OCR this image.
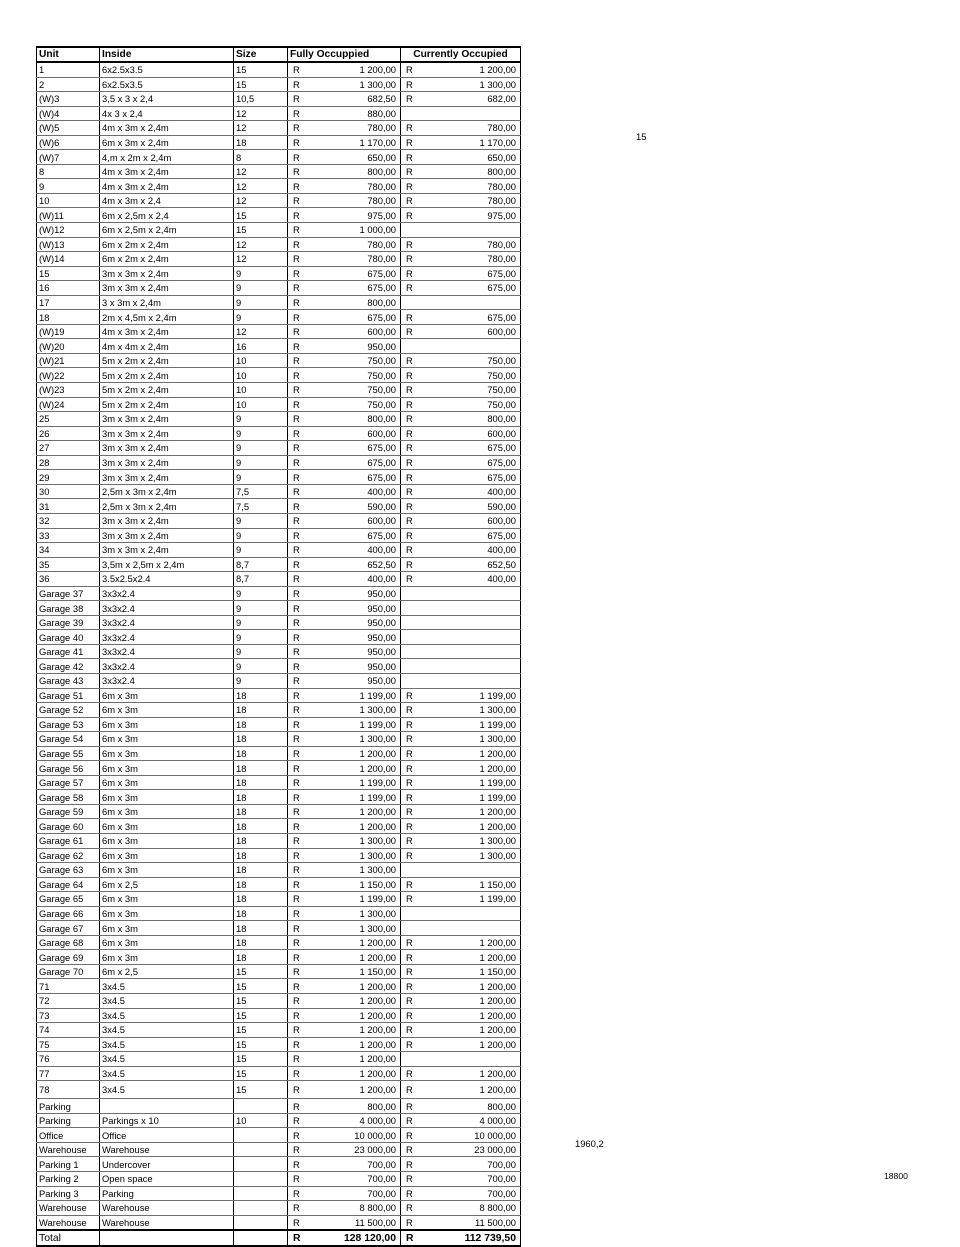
Unit	Inside	Size	Fully Occuppied		Currently Occupied	
1	6x2.5x3.5	15	R	1 200,00	R	1 200,00
2	6x2.5x3.5	15	R	1 300,00	R	1 300,00
(W)3	3,5 x 3 x 2,4	10,5	R	682,50	R	682,00
(W)4	4x 3 x 2,4	12	R	880,00		
(W)5	4m x 3m x 2,4m	12	R	780,00	R	780,00
(W)6	6m x 3m x 2,4m	18	R	1 170,00	R	1 170,00
(W)7	4,m x 2m x 2,4m	8	R	650,00	R	650,00
8	4m x 3m x 2,4m	12	R	800,00	R	800,00
9	4m x 3m x 2,4m	12	R	780,00	R	780,00
10	4m x 3m x 2,4	12	R	780,00	R	780,00
(W)11	6m x 2,5m x 2,4	15	R	975,00	R	975,00
(W)12	6m x 2,5m x 2,4m	15	R	1 000,00		
(W)13	6m x 2m x 2,4m	12	R	780,00	R	780,00
(W)14	6m x 2m x 2,4m	12	R	780,00	R	780,00
15	3m x 3m x 2,4m	9	R	675,00	R	675,00
16	3m x 3m x 2,4m	9	R	675,00	R	675,00
17	3 x 3m x 2,4m	9	R	800,00		
18	2m x 4,5m x 2,4m	9	R	675,00	R	675,00
(W)19	4m x 3m x 2,4m	12	R	600,00	R	600,00
(W)20	4m x 4m x 2,4m	16	R	950,00		
(W)21	5m x 2m x 2,4m	10	R	750,00	R	750,00
(W)22	5m x 2m x 2,4m	10	R	750,00	R	750,00
(W)23	5m x 2m x 2,4m	10	R	750,00	R	750,00
(W)24	5m x 2m x 2,4m	10	R	750,00	R	750,00
25	3m x 3m x 2,4m	9	R	800,00	R	800,00
26	3m x 3m x 2,4m	9	R	600,00	R	600,00
27	3m x 3m x 2,4m	9	R	675,00	R	675,00
28	3m x 3m x 2,4m	9	R	675,00	R	675,00
29	3m x 3m x 2,4m	9	R	675,00	R	675,00
30	2,5m x 3m x 2,4m	7,5	R	400,00	R	400,00
31	2,5m x 3m x 2,4m	7,5	R	590,00	R	590,00
32	3m x 3m x 2,4m	9	R	600,00	R	600,00
33	3m x 3m x 2,4m	9	R	675,00	R	675,00
34	3m x 3m x 2,4m	9	R	400,00	R	400,00
35	3,5m x 2,5m x 2,4m	8,7	R	652,50	R	652,50
36	3.5x2.5x2.4	8,7	R	400,00	R	400,00
Garage 37	3x3x2.4	9	R	950,00		
Garage 38	3x3x2.4	9	R	950,00		
Garage 39	3x3x2.4	9	R	950,00		
Garage 40	3x3x2.4	9	R	950,00		
Garage 41	3x3x2.4	9	R	950,00		
Garage 42	3x3x2.4	9	R	950,00		
Garage 43	3x3x2.4	9	R	950,00		
Garage 51	6m x 3m	18	R	1 199,00	R	1 199,00
Garage 52	6m x 3m	18	R	1 300,00	R	1 300,00
Garage 53	6m x 3m	18	R	1 199,00	R	1 199,00
Garage 54	6m x 3m	18	R	1 300,00	R	1 300,00
Garage 55	6m x 3m	18	R	1 200,00	R	1 200,00
Garage 56	6m x 3m	18	R	1 200,00	R	1 200,00
Garage 57	6m x 3m	18	R	1 199,00	R	1 199,00
Garage 58	6m x 3m	18	R	1 199,00	R	1 199,00
Garage 59	6m x 3m	18	R	1 200,00	R	1 200,00
Garage 60	6m x 3m	18	R	1 200,00	R	1 200,00
Garage 61	6m x 3m	18	R	1 300,00	R	1 300,00
Garage 62	6m x 3m	18	R	1 300,00	R	1 300,00
Garage 63	6m x 3m	18	R	1 300,00		
Garage 64	6m x 2,5	18	R	1 150,00	R	1 150,00
Garage 65	6m x 3m	18	R	1 199,00	R	1 199,00
Garage 66	6m x 3m	18	R	1 300,00		
Garage 67	6m x 3m	18	R	1 300,00		
Garage 68	6m x 3m	18	R	1 200,00	R	1 200,00
Garage 69	6m x 3m	18	R	1 200,00	R	1 200,00
Garage 70	6m x 2,5	15	R	1 150,00	R	1 150,00
71	3x4.5	15	R	1 200,00	R	1 200,00
72	3x4.5	15	R	1 200,00	R	1 200,00
73	3x4.5	15	R	1 200,00	R	1 200,00
74	3x4.5	15	R	1 200,00	R	1 200,00
75	3x4.5	15	R	1 200,00	R	1 200,00
76	3x4.5	15	R	1 200,00		
77	3x4.5	15	R	1 200,00	R	1 200,00
78	3x4.5	15	R	1 200,00	R	1 200,00
Parking			R	800,00	R	800,00
Parking	Parkings x 10	10	R	4 000,00	R	4 000,00
Office	Office		R	10 000,00	R	10 000,00
Warehouse	Warehouse		R	23 000,00	R	23 000,00
Parking 1	Undercover		R	700,00	R	700,00
Parking 2	Open space		R	700,00	R	700,00
Parking 3	Parking		R	700,00	R	700,00
Warehouse	Warehouse		R	8 800,00	R	8 800,00
Warehouse	Warehouse		R	11 500,00	R	11 500,00
Total			R	128 120,00	R	112 739,50
15
1960,2
18800
